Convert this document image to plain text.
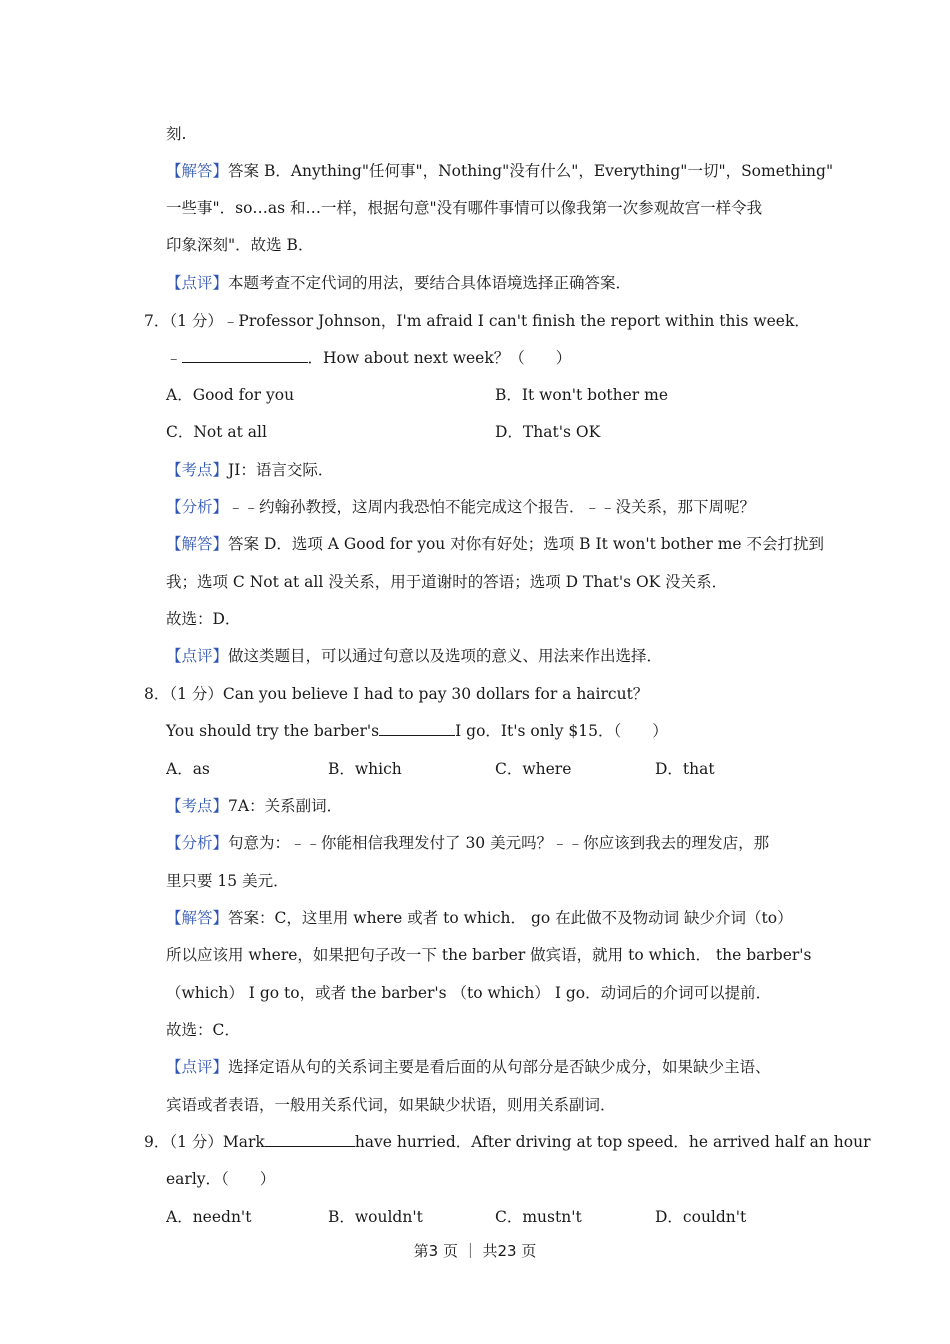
刻.
【解答】答案 B．Anything"任何事"，Nothing"没有什么"，Everything"一切"，Something"
一些事"．so…as 和…一样，根据句意"没有哪件事情可以像我第一次参观故宫一样令我
印象深刻"．故选 B．
【点评】本题考查不定代词的用法，要结合具体语境选择正确答案．
7．（1 分）﹣Professor Johnson，I'm afraid I can't finish the report within this week．
﹣	．How about next week？（　　）
A．Good for you	B．It won't bother me
C．Not at all	D．That's OK
【考点】JI：语言交际．
【分析】﹣﹣约翰孙教授，这周内我恐怕不能完成这个报告．﹣﹣没关系，那下周呢？
【解答】答案 D．选项 A Good for you 对你有好处；选项 B It won't bother me 不会打扰到
我；选项 C Not at all 没关系，用于道谢时的答语；选项 D That's OK 没关系．
故选：D．
【点评】做这类题目，可以通过句意以及选项的意义、用法来作出选择．
8．（1 分）Can you believe I had to pay 30 dollars for a haircut？
You should try the barber's	I go．It's only $15．（　　）
A．as	B．which	C．where	D．that
【考点】7A：关系副词．
【分析】句意为：﹣﹣你能相信我理发付了 30 美元吗？﹣﹣你应该到我去的理发店，那
里只要 15 美元．
【解答】答案：C，这里用 where 或者 to which． go 在此做不及物动词 缺少介词（to）
所以应该用 where，如果把句子改一下 the barber 做宾语，就用 to which． the barber's
（which） I go to，或者 the barber's （to which） I go．动词后的介词可以提前．
故选：C．
【点评】选择定语从句的关系词主要是看后面的从句部分是否缺少成分，如果缺少主语、
宾语或者表语，一般用关系代词，如果缺少状语，则用关系副词．
9．（1 分）Mark	have hurried．After driving at top speed．he arrived half an hour
early．（　　）
A．needn't	B．wouldn't	C．mustn't	D．couldn't
第3 页 ｜ 共23 页
